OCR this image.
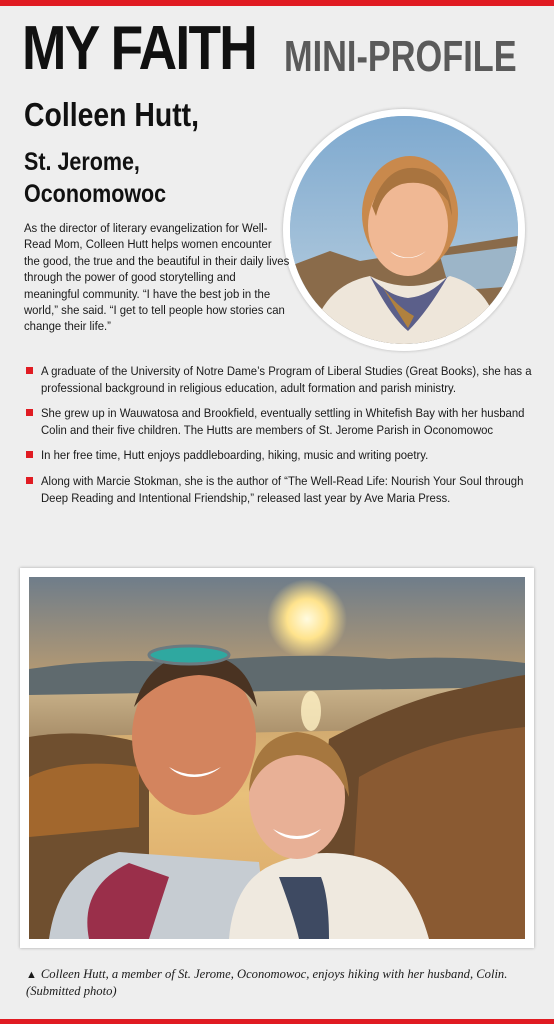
MY FAITH MINI-PROFILE
Colleen Hutt,
St. Jerome,
Oconomowoc

As the director of literary evangelization for Well-Read Mom, Colleen Hutt helps women encounter the good, the true and the beautiful in their daily lives through the power of good storytelling and meaningful community. “I have the best job in the world,” she said. “I get to tell people how stories can change their life.”

A graduate of the University of Notre Dame’s Program of Liberal Studies (Great Books), she has a professional background in religious education, adult formation and parish ministry.
She grew up in Wauwatosa and Brookfield, eventually settling in Whitefish Bay with her husband Colin and their five children. The Hutts are members of St. Jerome Parish in Oconomowoc
In her free time, Hutt enjoys paddleboarding, hiking, music and writing poetry.
Along with Marcie Stokman, she is the author of “The Well-Read Life: Nourish Your Soul through Deep Reading and Intentional Friendship,” released last year by Ave Maria Press.

▲ Colleen Hutt, a member of St. Jerome, Oconomowoc, enjoys hiking with her husband, Colin. (Submitted photo)
